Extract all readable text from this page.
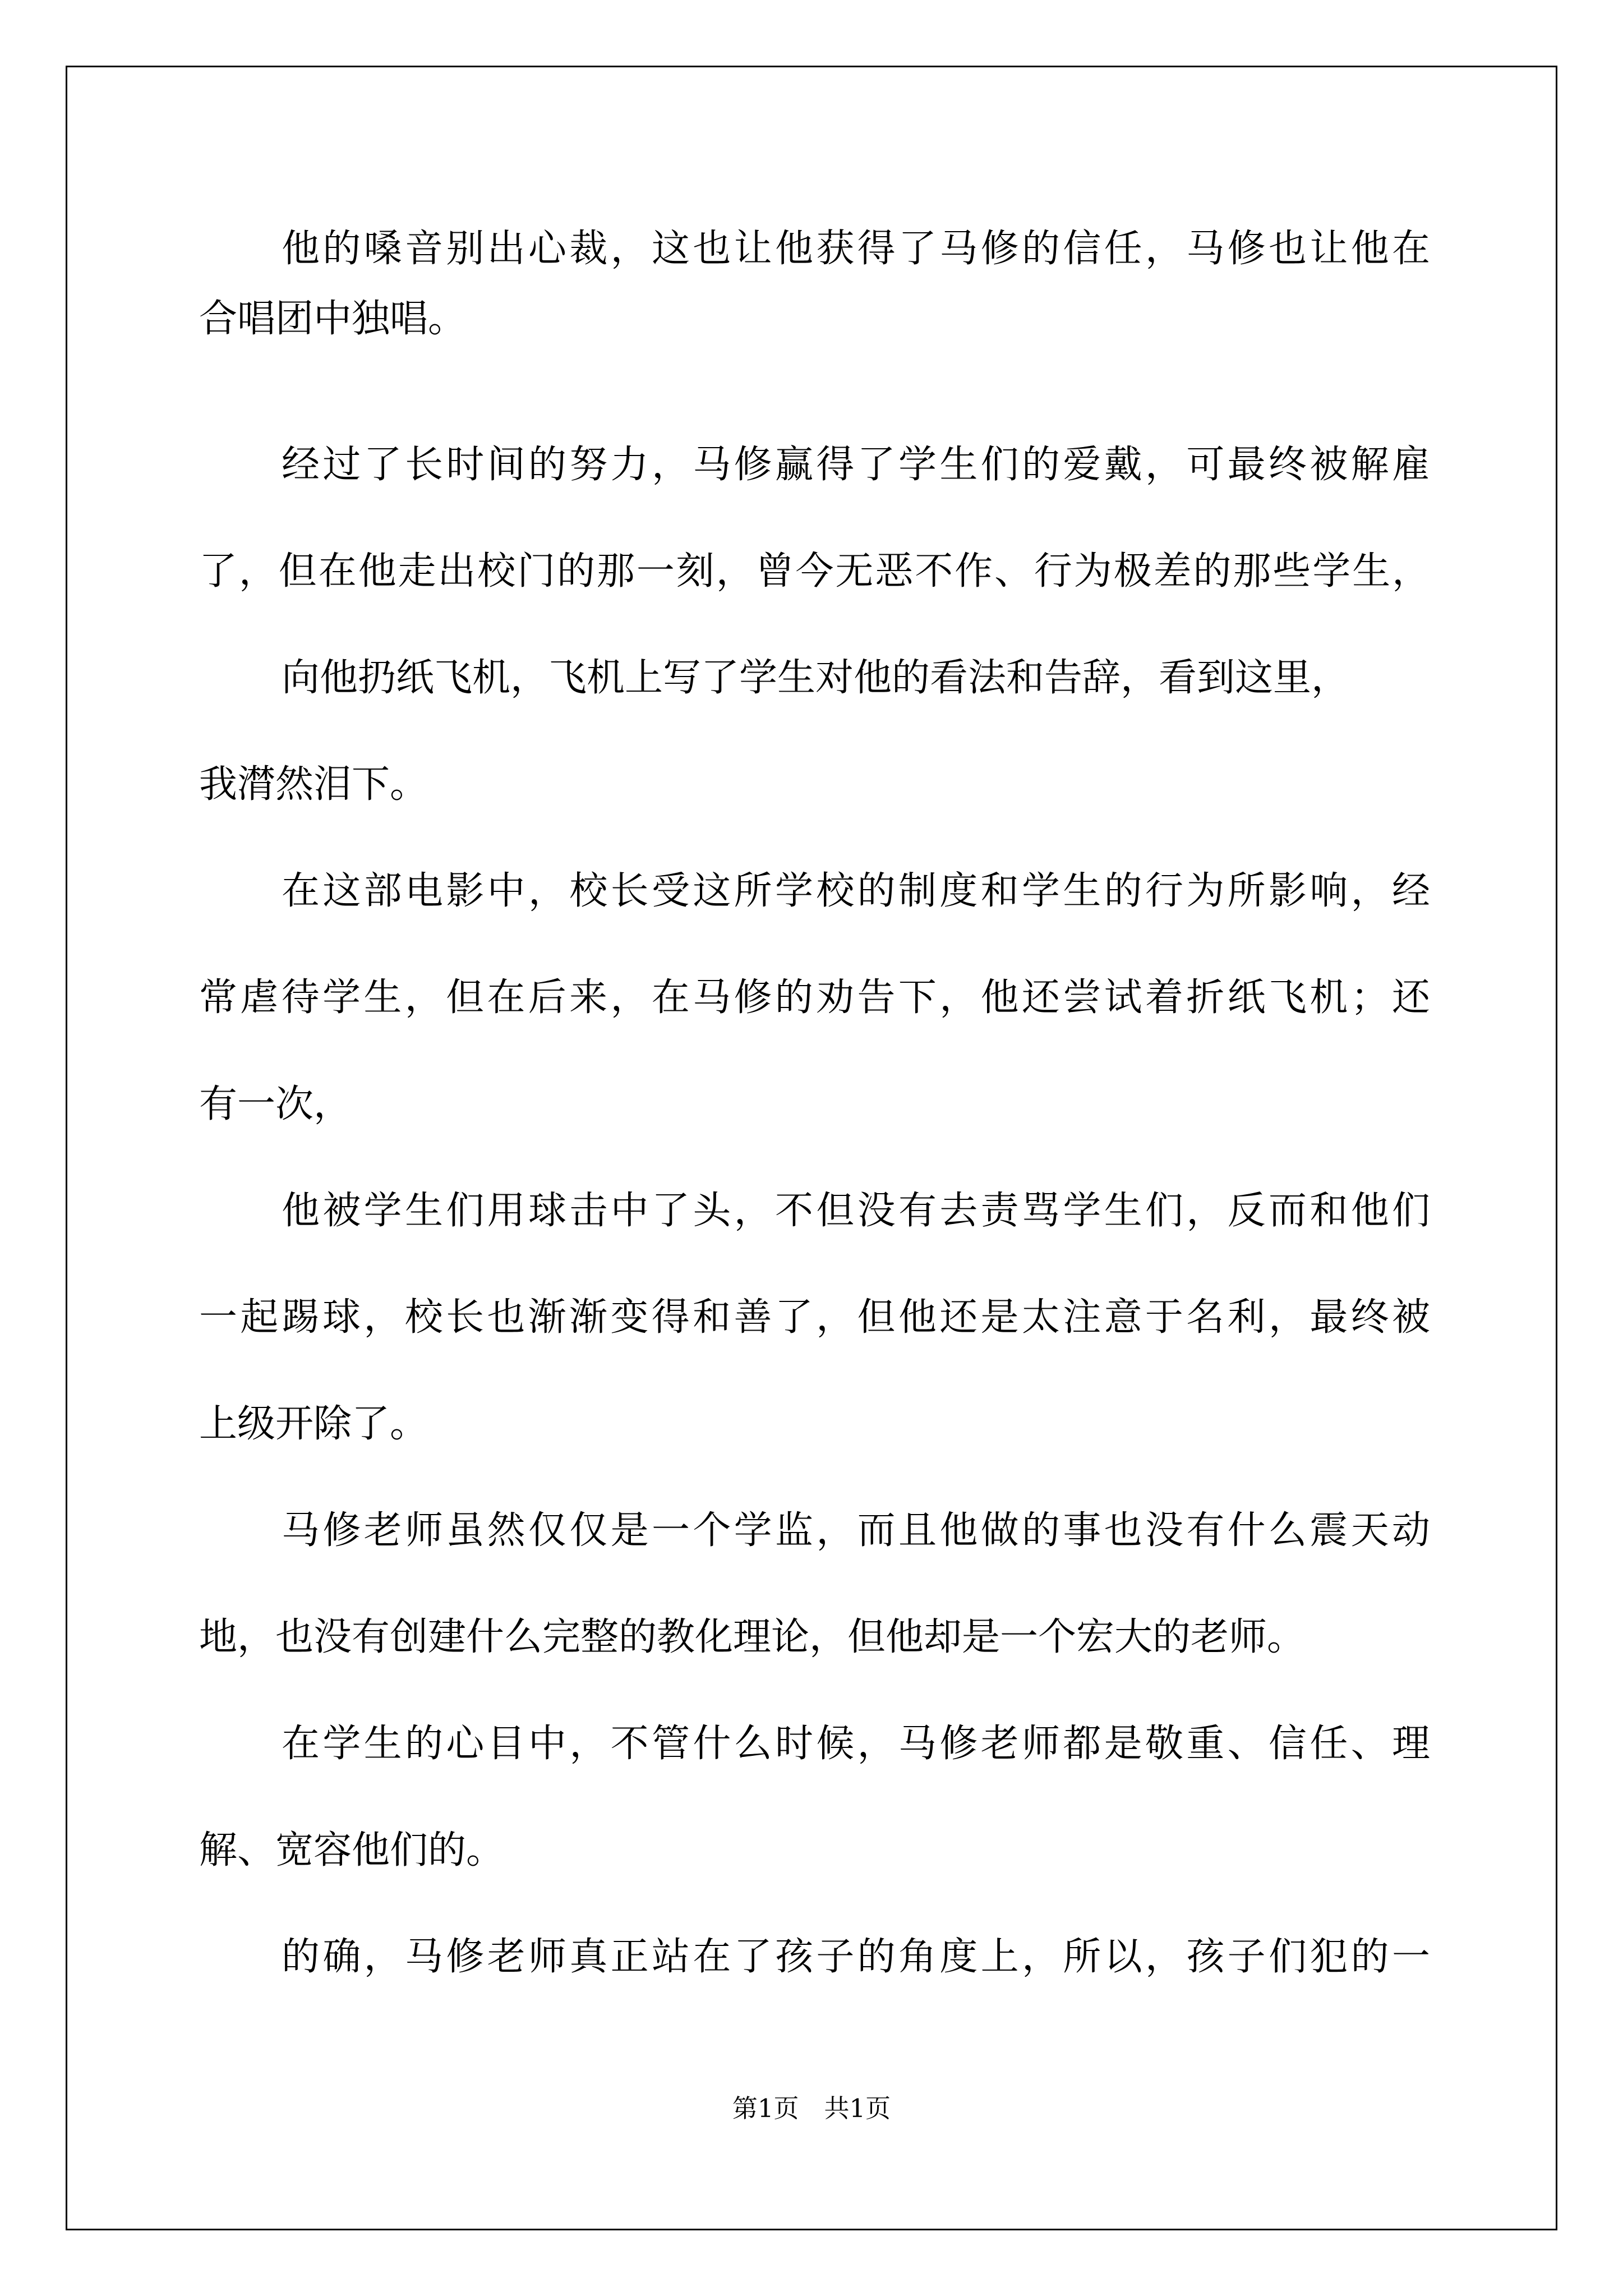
他的嗓音别出心裁，这也让他获得了马修的信任，马修也让他在
合唱团中独唱。
经过了长时间的努力，马修赢得了学生们的爱戴，可最终被解雇
了，但在他走出校门的那一刻，曾今无恶不作、行为极差的那些学生，
向他扔纸飞机，飞机上写了学生对他的看法和告辞，看到这里，
我潸然泪下。
在这部电影中，校长受这所学校的制度和学生的行为所影响，经
常虐待学生，但在后来，在马修的劝告下，他还尝试着折纸飞机；还
有一次，
他被学生们用球击中了头，不但没有去责骂学生们，反而和他们
一起踢球，校长也渐渐变得和善了，但他还是太注意于名利，最终被
上级开除了。
马修老师虽然仅仅是一个学监，而且他做的事也没有什么震天动
地，也没有创建什么完整的教化理论，但他却是一个宏大的老师。
在学生的心目中，不管什么时候，马修老师都是敬重、信任、理
解、宽容他们的。
的确，马修老师真正站在了孩子的角度上，所以，孩子们犯的一
第1页　共1页
